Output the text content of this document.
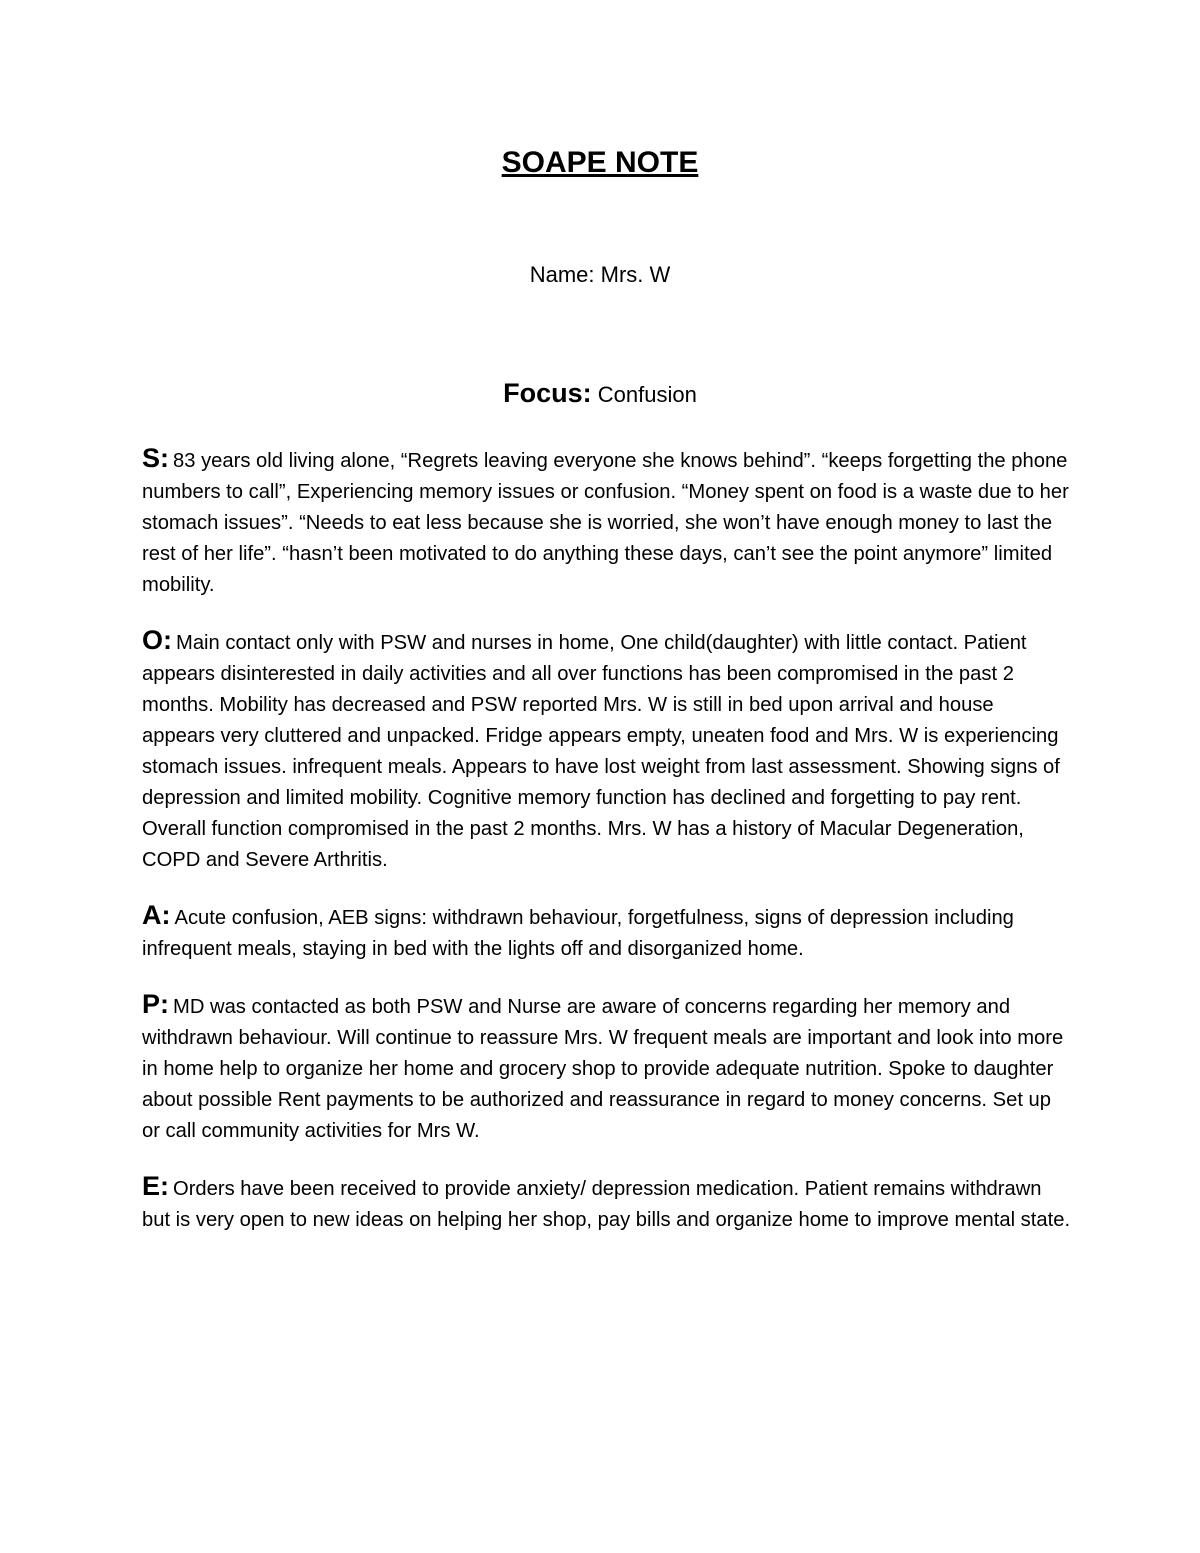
SOAPE NOTE
Name: Mrs. W
Focus: Confusion

S: 83 years old living alone, “Regrets leaving everyone she knows behind”. “keeps forgetting the phone numbers to call”, Experiencing memory issues or confusion. “Money spent on food is a waste due to her stomach issues”. “Needs to eat less because she is worried, she won’t have enough money to last the rest of her life”. “hasn’t been motivated to do anything these days, can’t see the point anymore” limited mobility.

O: Main contact only with PSW and nurses in home, One child(daughter) with little contact. Patient appears disinterested in daily activities and all over functions has been compromised in the past 2 months. Mobility has decreased and PSW reported Mrs. W is still in bed upon arrival and house appears very cluttered and unpacked. Fridge appears empty, uneaten food and Mrs. W is experiencing stomach issues. infrequent meals. Appears to have lost weight from last assessment. Showing signs of depression and limited mobility. Cognitive memory function has declined and forgetting to pay rent. Overall function compromised in the past 2 months. Mrs. W has a history of Macular Degeneration, COPD and Severe Arthritis.

A: Acute confusion, AEB signs: withdrawn behaviour, forgetfulness, signs of depression including infrequent meals, staying in bed with the lights off and disorganized home.

P: MD was contacted as both PSW and Nurse are aware of concerns regarding her memory and withdrawn behaviour. Will continue to reassure Mrs. W frequent meals are important and look into more in home help to organize her home and grocery shop to provide adequate nutrition. Spoke to daughter about possible Rent payments to be authorized and reassurance in regard to money concerns. Set up or call community activities for Mrs W.

E: Orders have been received to provide anxiety/ depression medication. Patient remains withdrawn but is very open to new ideas on helping her shop, pay bills and organize home to improve mental state.
